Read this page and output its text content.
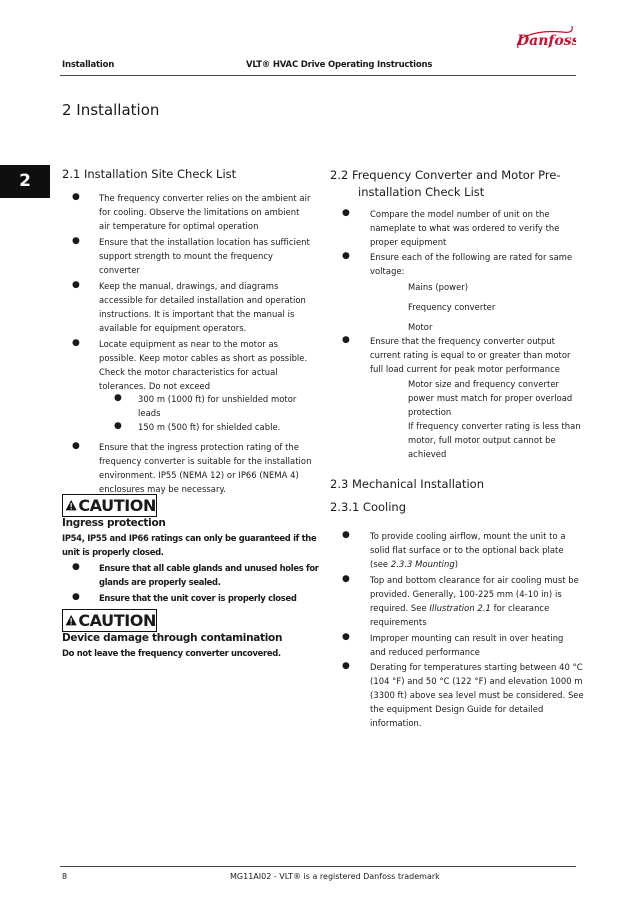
Installation	VLT® HVAC Drive Operating Instructions
Danfoss
2
2 Installation
2.1 Installation Site Check List
● The frequency converter relies on the ambient air
for cooling. Observe the limitations on ambient
air temperature for optimal operation
● Ensure that the installation location has sufficient
support strength to mount the frequency
converter
● Keep the manual, drawings, and diagrams
accessible for detailed installation and operation
instructions. It is important that the manual is
available for equipment operators.
● Locate equipment as near to the motor as
possible. Keep motor cables as short as possible.
Check the motor characteristics for actual
tolerances. Do not exceed
● 300 m (1000 ft) for unshielded motor
leads
● 150 m (500 ft) for shielded cable.
● Ensure that the ingress protection rating of the
frequency converter is suitable for the installation
environment. IP55 (NEMA 12) or IP66 (NEMA 4)
enclosures may be necessary.
CAUTION
Ingress protection
IP54, IP55 and IP66 ratings can only be guaranteed if the
unit is properly closed.
● Ensure that all cable glands and unused holes for
glands are properly sealed.
● Ensure that the unit cover is properly closed
CAUTION
Device damage through contamination
Do not leave the frequency converter uncovered.
2.2 Frequency Converter and Motor Pre-
installation Check List
● Compare the model number of unit on the
nameplate to what was ordered to verify the
proper equipment
● Ensure each of the following are rated for same
voltage:
Mains (power)
Frequency converter
Motor
● Ensure that the frequency converter output
current rating is equal to or greater than motor
full load current for peak motor performance
Motor size and frequency converter
power must match for proper overload
protection
If frequency converter rating is less than
motor, full motor output cannot be
achieved
2.3 Mechanical Installation
2.3.1 Cooling
● To provide cooling airflow, mount the unit to a
solid flat surface or to the optional back plate
(see 2.3.3 Mounting)
● Top and bottom clearance for air cooling must be
provided. Generally, 100-225 mm (4-10 in) is
required. See Illustration 2.1 for clearance
requirements
● Improper mounting can result in over heating
and reduced performance
● Derating for temperatures starting between 40 °C
(104 °F) and 50 °C (122 °F) and elevation 1000 m
(3300 ft) above sea level must be considered. See
the equipment Design Guide for detailed
information.
8	MG11AI02 - VLT® is a registered Danfoss trademark
